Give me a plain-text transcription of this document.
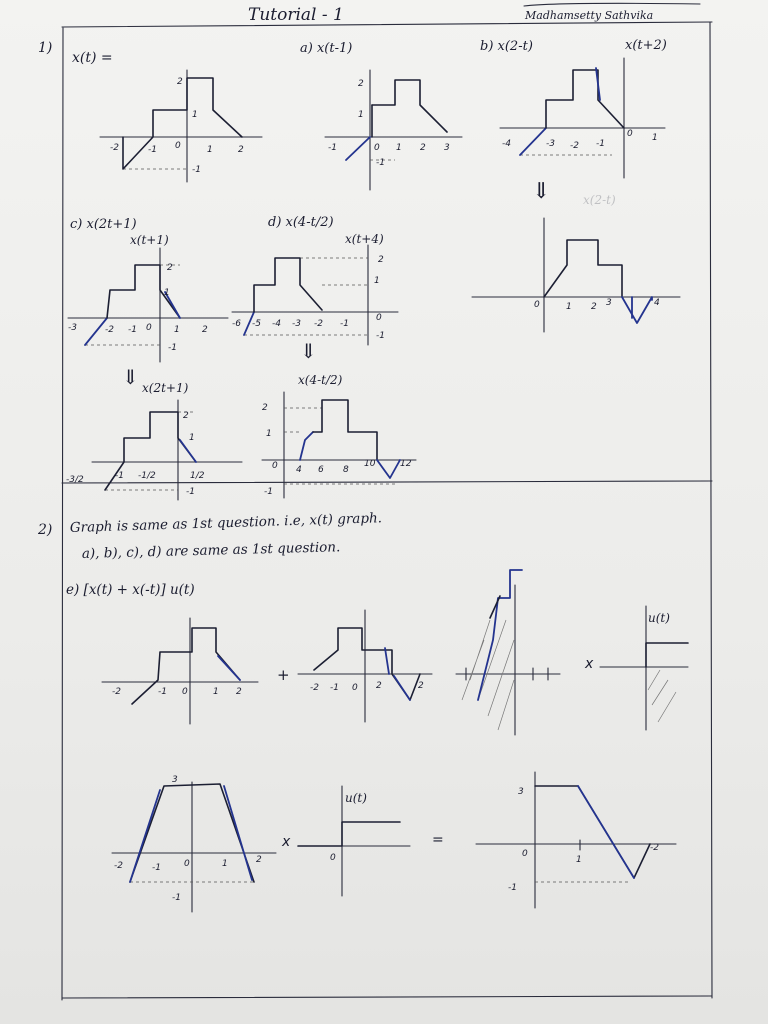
Tutorial - 1	Madhamsetty Sathvika
1)
x(t) =
-2	-1 0	1	2
2
1
-1
a) x(t-1)
2
1
-1	0 1 2 3
-1
b) x(2-t)	x(t+2)
-4	-3 -2 -1
0 1
⇓	x(2-t)
0	1 2 3	4
c) x(2t+1)
x(t+1)
-3	-2 -1 0 1 2
2
1
-1
⇓ x(2t+1)
-3/2	-1 -1/2	1/2
2
1
-1
d) x(4-t/2)
x(t+4)
-6 -5 -4 -3 -2 -1
0
2
1
-1
⇓
x(4-t/2)
2
1
0 4 6 8
10	12
-1
2) Graph is same as 1st question. i.e, x(t) graph.
a), b), c), d) are same as 1st question.
e) [x(t) + x(-t)] u(t)
-2	-1 0	1 2
+
-2 -1 0 2	2
x
u(t)
3
-2	-1	0	1	2
-1
x
u(t)
0
=
3
0
1
-2
-1
